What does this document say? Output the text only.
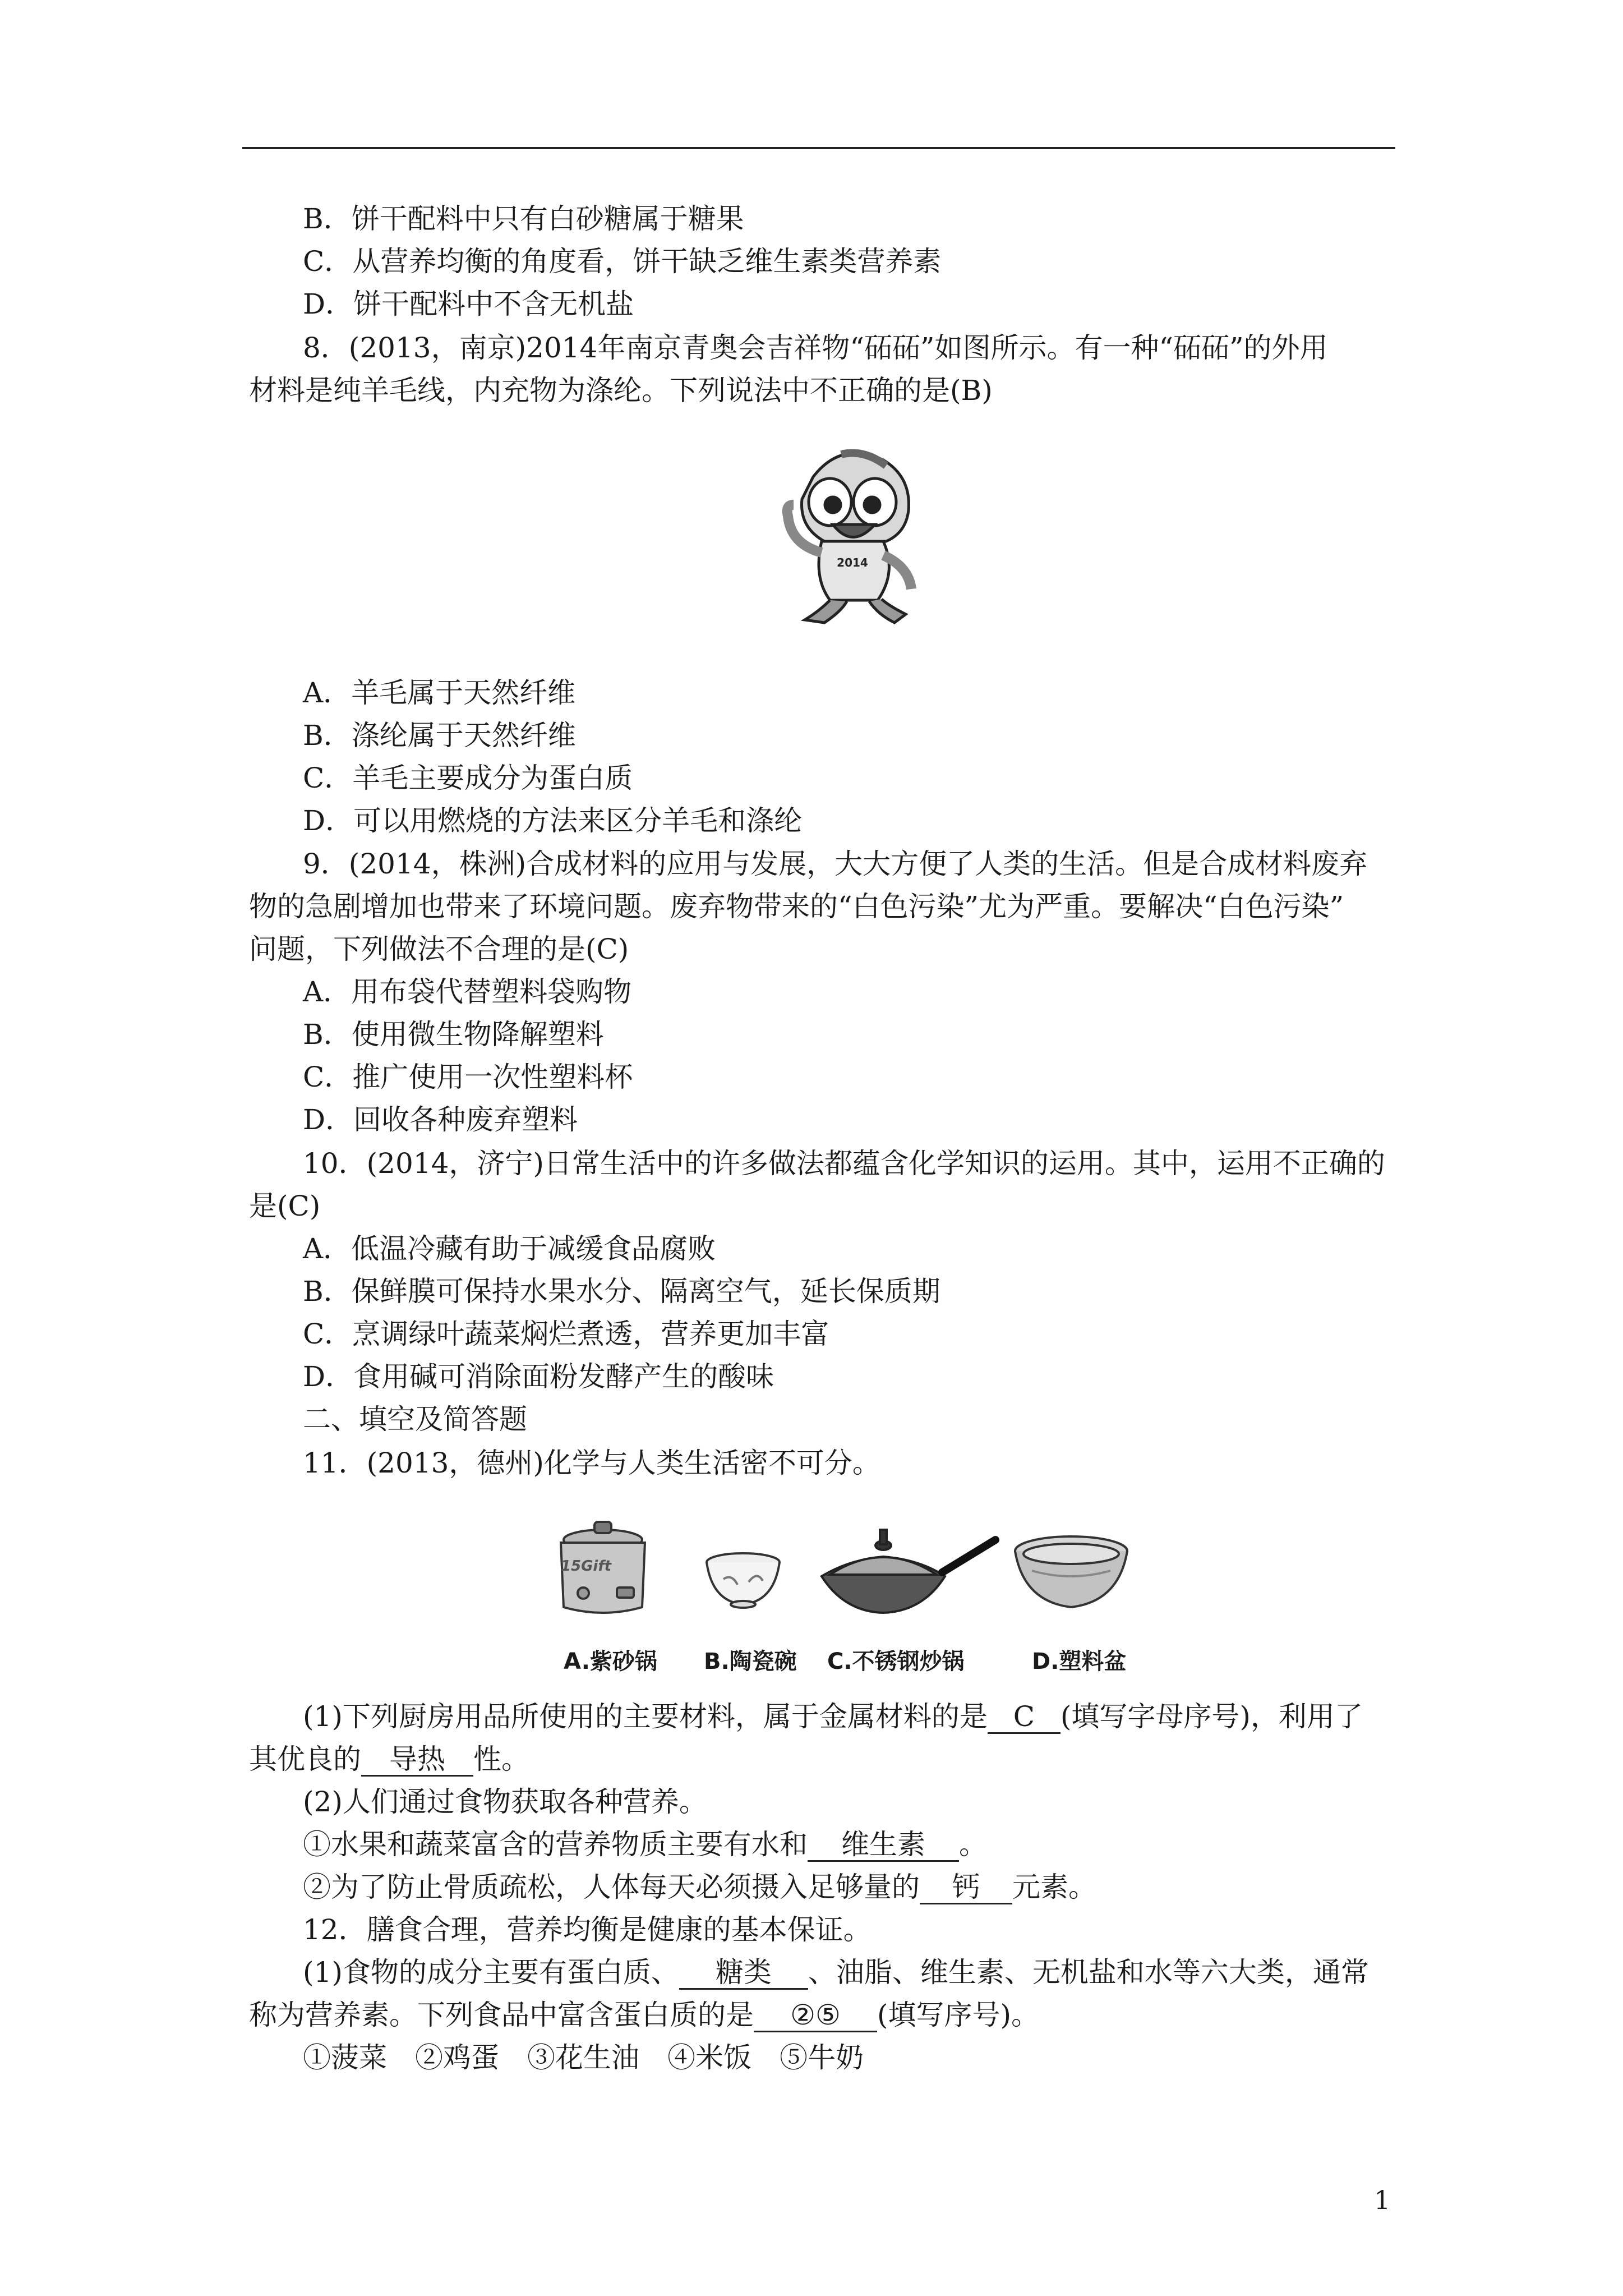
B．饼干配料中只有白砂糖属于糖果
C．从营养均衡的角度看，饼干缺乏维生素类营养素
D．饼干配料中不含无机盐
8．(2013，南京)2014年南京青奥会吉祥物“砳砳”如图所示。有一种“砳砳”的外用
材料是纯羊毛线，内充物为涤纶。下列说法中不正确的是(B)
2014
A．羊毛属于天然纤维
B．涤纶属于天然纤维
C．羊毛主要成分为蛋白质
D．可以用燃烧的方法来区分羊毛和涤纶
9．(2014，株洲)合成材料的应用与发展，大大方便了人类的生活。但是合成材料废弃
物的急剧增加也带来了环境问题。废弃物带来的“白色污染”尤为严重。要解决“白色污染”
问题，下列做法不合理的是(C)
A．用布袋代替塑料袋购物
B．使用微生物降解塑料
C．推广使用一次性塑料杯
D．回收各种废弃塑料
10．(2014，济宁)日常生活中的许多做法都蕴含化学知识的运用。其中，运用不正确的
是(C)
A．低温冷藏有助于减缓食品腐败
B．保鲜膜可保持水果水分、隔离空气，延长保质期
C．烹调绿叶蔬菜焖烂煮透，营养更加丰富
D．食用碱可消除面粉发酵产生的酸味
二、填空及简答题
11．(2013，德州)化学与人类生活密不可分。
15Gift
A.紫砂锅 B.陶瓷碗 C.不锈钢炒锅	D.塑料盆
(1)下列厨房用品所使用的主要材料，属于金属材料的是 C (填写字母序号)，利用了
其优良的 导热 性。
(2)人们通过食物获取各种营养。
①水果和蔬菜富含的营养物质主要有水和 维生素 。
②为了防止骨质疏松，人体每天必须摄入足够量的 钙 元素。
12．膳食合理，营养均衡是健康的基本保证。
(1)食物的成分主要有蛋白质、 糖类 、油脂、维生素、无机盐和水等六大类，通常
称为营养素。下列食品中富含蛋白质的是 ②⑤ (填写序号)。
①菠菜　②鸡蛋　③花生油　④米饭　⑤牛奶
1
